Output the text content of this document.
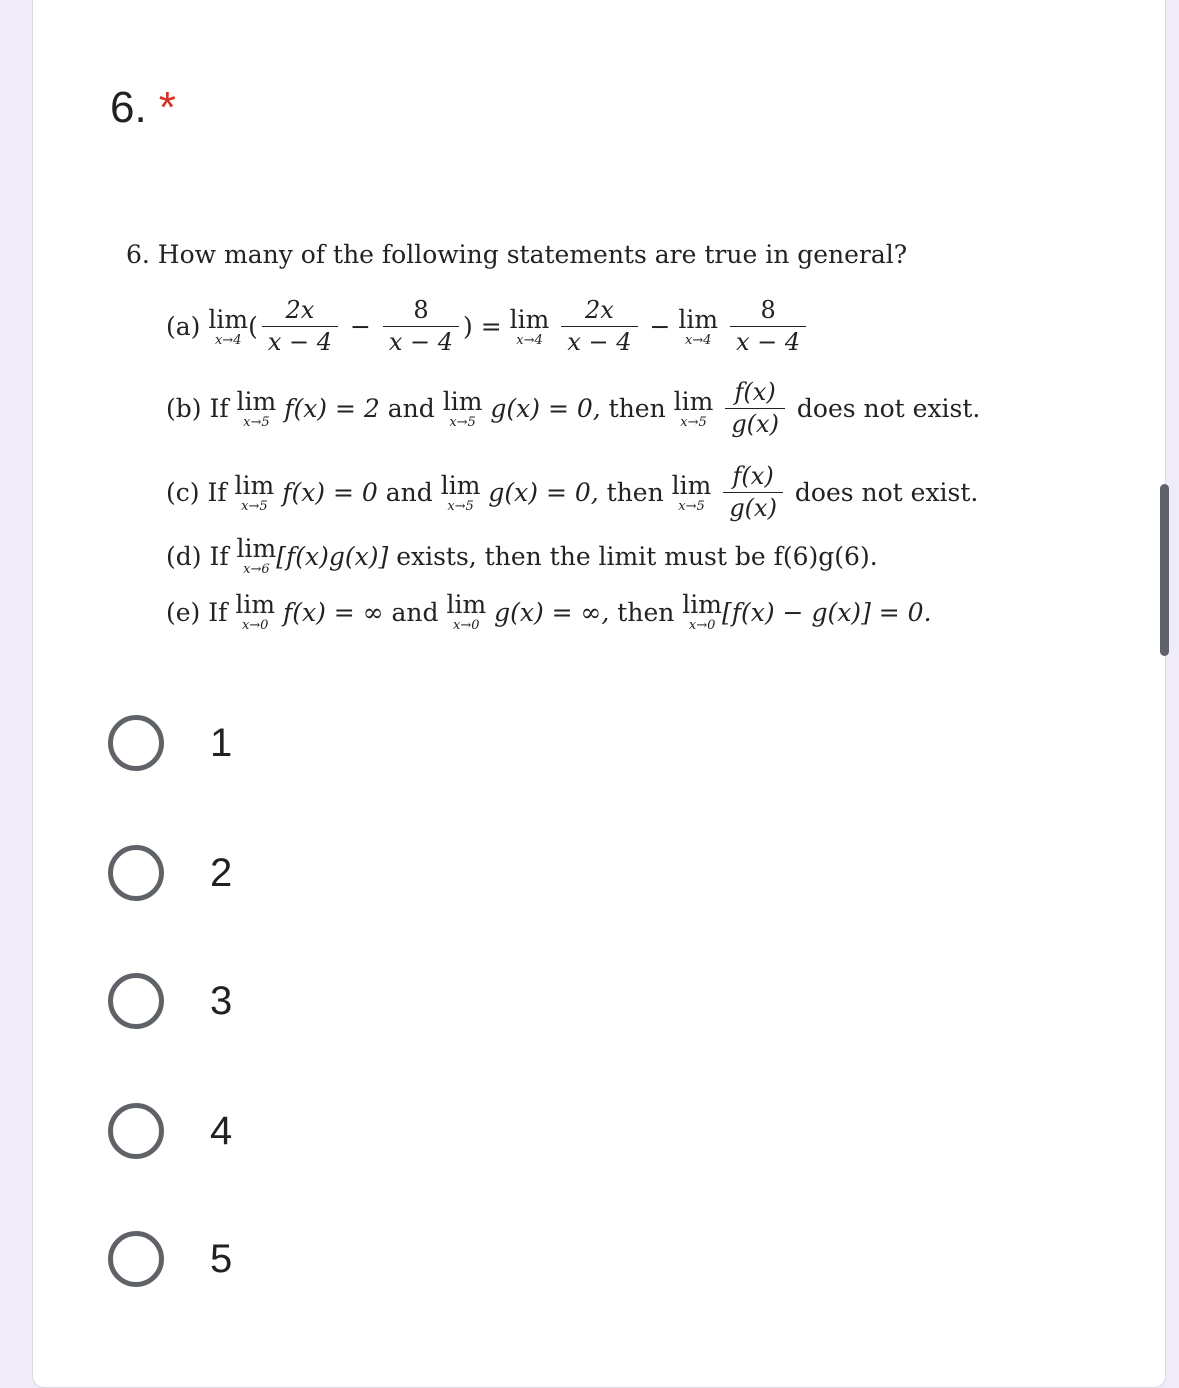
6. *
6. How many of the following statements are true in general?
(a) lim
x→4 ( $\frac{2x}{x - 4} - \frac{8}{x - 4}$ ) = lim
x→4
$\frac{2x}{x - 4} - \lim$
x→4
$\frac{8}{x - 4}$
(b) If lim
x→5 f(x) = 2 and lim
x→5 g(x) = 0, then lim
x→5
$\frac{f(x)}{g(x)}$ does not exist.
(c) If lim
x→5 f(x) = 0 and lim
x→5 g(x) = 0, then lim
x→5
$\frac{f(x)}{g(x)}$ does not exist.
(d) If lim
x→6 [f(x)g(x)] exists, then the limit must be f(6)g(6).
(e) If lim
x→0 f(x) = ∞ and lim
x→0 g(x) = ∞, then lim
x→0 [f(x) − g(x)] = 0.
1
2
3
4
5
